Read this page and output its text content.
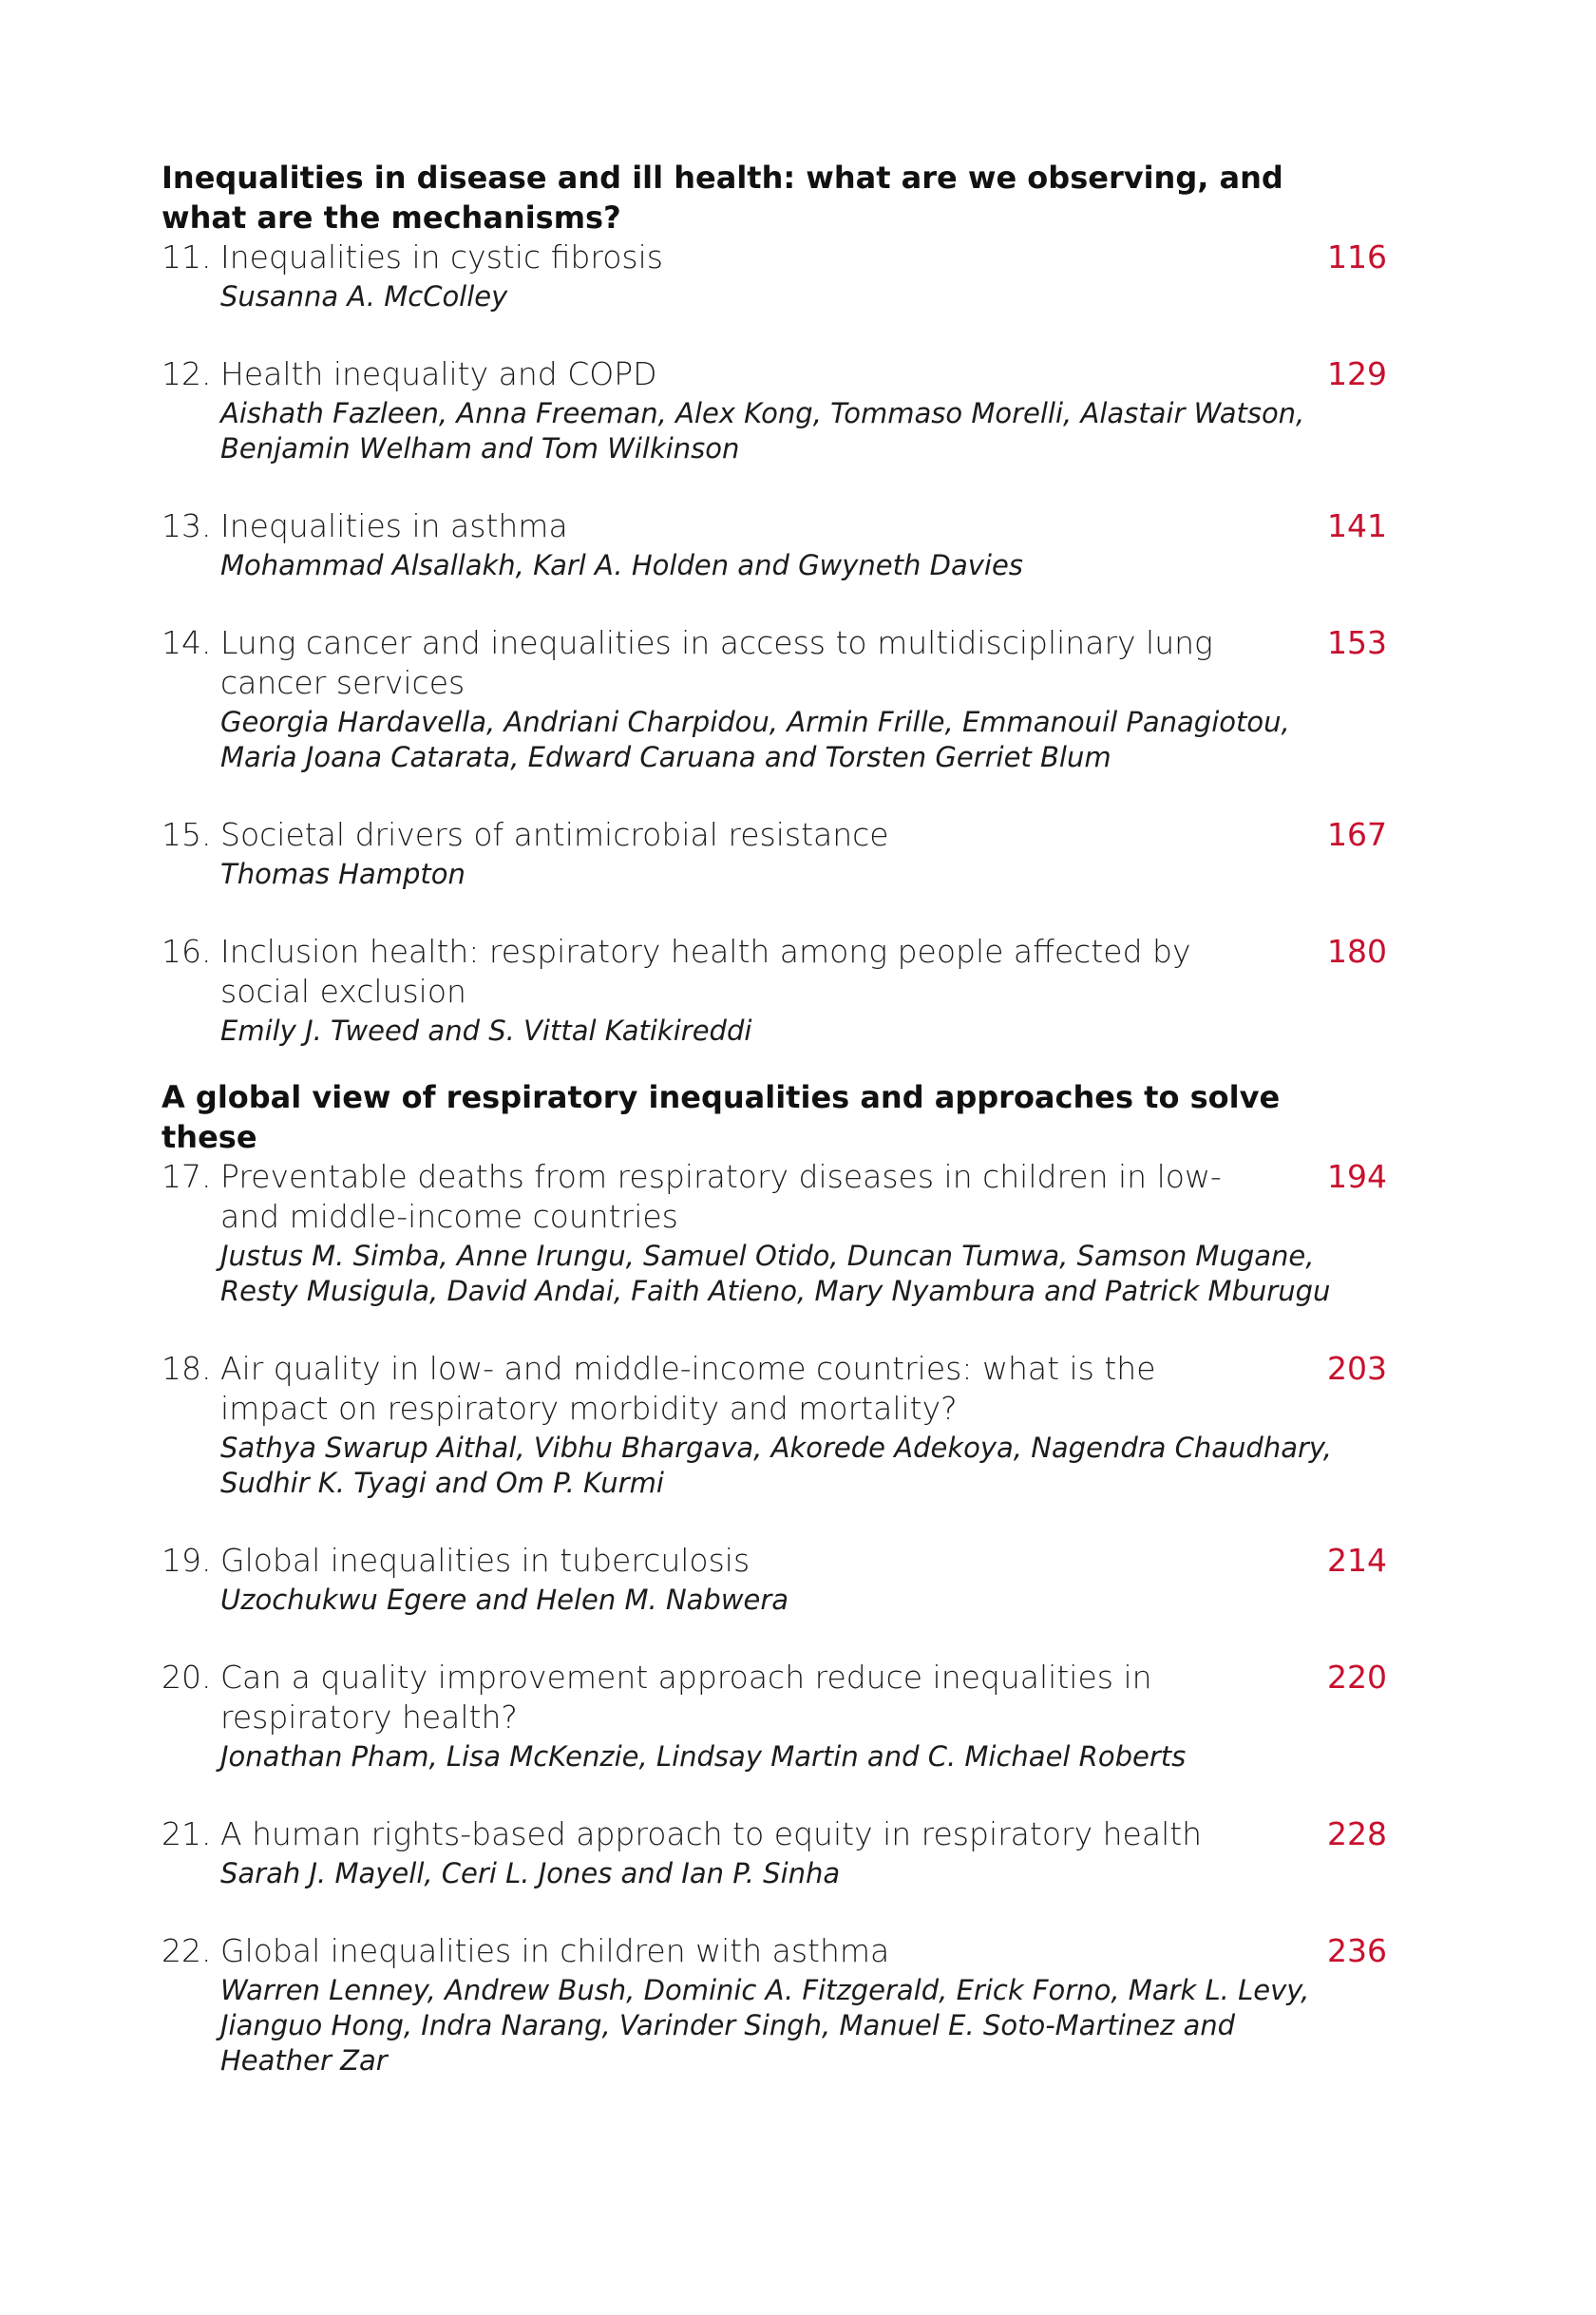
Inequalities in disease and ill health: what are we observing, and what are the mechanisms?
11. Inequalities in cystic fibrosis
Susanna A. McColley
116
12. Health inequality and COPD
Aishath Fazleen, Anna Freeman, Alex Kong, Tommaso Morelli, Alastair Watson, Benjamin Welham and Tom Wilkinson
129
13. Inequalities in asthma
Mohammad Alsallakh, Karl A. Holden and Gwyneth Davies
141
14. Lung cancer and inequalities in access to multidisciplinary lung cancer services
Georgia Hardavella, Andriani Charpidou, Armin Frille, Emmanouil Panagiotou, Maria Joana Catarata, Edward Caruana and Torsten Gerriet Blum
153
15. Societal drivers of antimicrobial resistance
Thomas Hampton
167
16. Inclusion health: respiratory health among people affected by social exclusion
Emily J. Tweed and S. Vittal Katikireddi
180
A global view of respiratory inequalities and approaches to solve these
17. Preventable deaths from respiratory diseases in children in low- and middle-income countries
Justus M. Simba, Anne Irungu, Samuel Otido, Duncan Tumwa, Samson Mugane, Resty Musigula, David Andai, Faith Atieno, Mary Nyambura and Patrick Mburugu
194
18. Air quality in low- and middle-income countries: what is the impact on respiratory morbidity and mortality?
Sathya Swarup Aithal, Vibhu Bhargava, Akorede Adekoya, Nagendra Chaudhary, Sudhir K. Tyagi and Om P. Kurmi
203
19. Global inequalities in tuberculosis
Uzochukwu Egere and Helen M. Nabwera
214
20. Can a quality improvement approach reduce inequalities in respiratory health?
Jonathan Pham, Lisa McKenzie, Lindsay Martin and C. Michael Roberts
220
21. A human rights-based approach to equity in respiratory health
Sarah J. Mayell, Ceri L. Jones and Ian P. Sinha
228
22. Global inequalities in children with asthma
Warren Lenney, Andrew Bush, Dominic A. Fitzgerald, Erick Forno, Mark L. Levy, Jianguo Hong, Indra Narang, Varinder Singh, Manuel E. Soto-Martinez and Heather Zar
236
